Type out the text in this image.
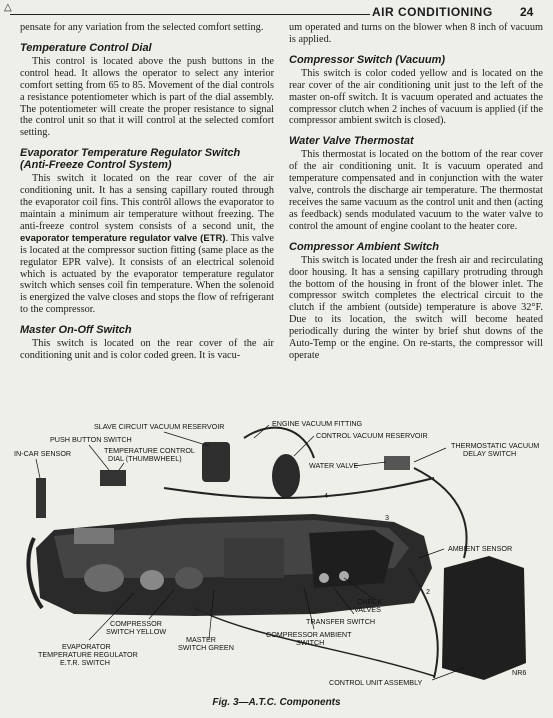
△	AIR CONDITIONING 24

pensate for any variation from the selected comfort setting.

Temperature Control Dial

This control is located above the push buttons in the control head. It allows the operator to select any interior comfort setting from 65 to 85. Movement of the dial controls a resistance potentiometer which is part of the dial assembly. The potentiometer will create the proper resistance to signal the control unit so that it will control at the selected comfort setting.

Evaporator Temperature Regulator Switch
(Anti-Freeze Control System)

This switch it located on the rear cover of the air conditioning unit. It has a sensing capillary routed through the evaporator coil fins. This contrôl allows the evaporator to maintain a minimum air temperature without freezing. The anti-freeze control system consists of a second unit, the evaporator temperature regulator valve (ETR). This valve is located at the compressor suction fitting (same place as the regulator EPR valve). It consists of an electrical solenoid which is actuated by the evaporator temperature regulator switch which senses coil fin temperature. When the solenoid is energized the valve closes and stops the flow of refrigerant to the compressor.

Master On-Off Switch

This switch is located on the rear cover of the air conditioning unit and is color coded green. It is vacu-

um operated and turns on the blower when 8 inch of vacuum is applied.

Compressor Switch (Vacuum)

This switch is color coded yellow and is located on the rear cover of the air conditioning unit just to the left of the master on-off switch. It is vacuum operated and actuates the compressor clutch when 2 inches of vacuum is applied (if the compressor ambient switch is closed).

Water Valve Thermostat

This thermostat is located on the bottom of the rear cover of the air conditioning unit. It is vacuum operated and temperature compensated and in conjunction with the water valve, controls the discharge air temperature. The thermostat receives the same vacuum as the control unit and then (acting as feedback) sends modulated vacuum to the water valve to control the amount of engine coolant to the heater core.

Compressor Ambient Switch

This switch is located under the fresh air and recirculating door housing. It has a sensing capillary protruding through the bottom of the housing in front of the blower inlet. The compressor switch completes the electrical circuit to the clutch if the ambient (outside) temperature is above 32°F. Due to its location, the switch will become heated periodically during the winter by brief shut downs of the Auto-Temp or the engine. On re-starts, the compressor will operate

SLAVE CIRCUIT VACUUM RESERVOIR
PUSH BUTTON SWITCH
IN-CAR SENSOR	TEMPERATURE CONTROL
DIAL (THUMBWHEEL)
ENGINE VACUUM FITTING
CONTROL VACUUM RESERVOIR
THERMOSTATIC VACUUM
DELAY SWITCH
WATER VALVE
AMBIENT SENSOR
CHECK
VALVES
TRANSFER SWITCH
COMPRESSOR AMBIENT
SWITCH
COMPRESSOR
SWITCH YELLOW
MASTER
SWITCH GREEN
EVAPORATOR
TEMPERATURE REGULATOR
E.T.R. SWITCH
CONTROL UNIT ASSEMBLY
NR6
2
3
4
Fig. 3—A.T.C. Components
